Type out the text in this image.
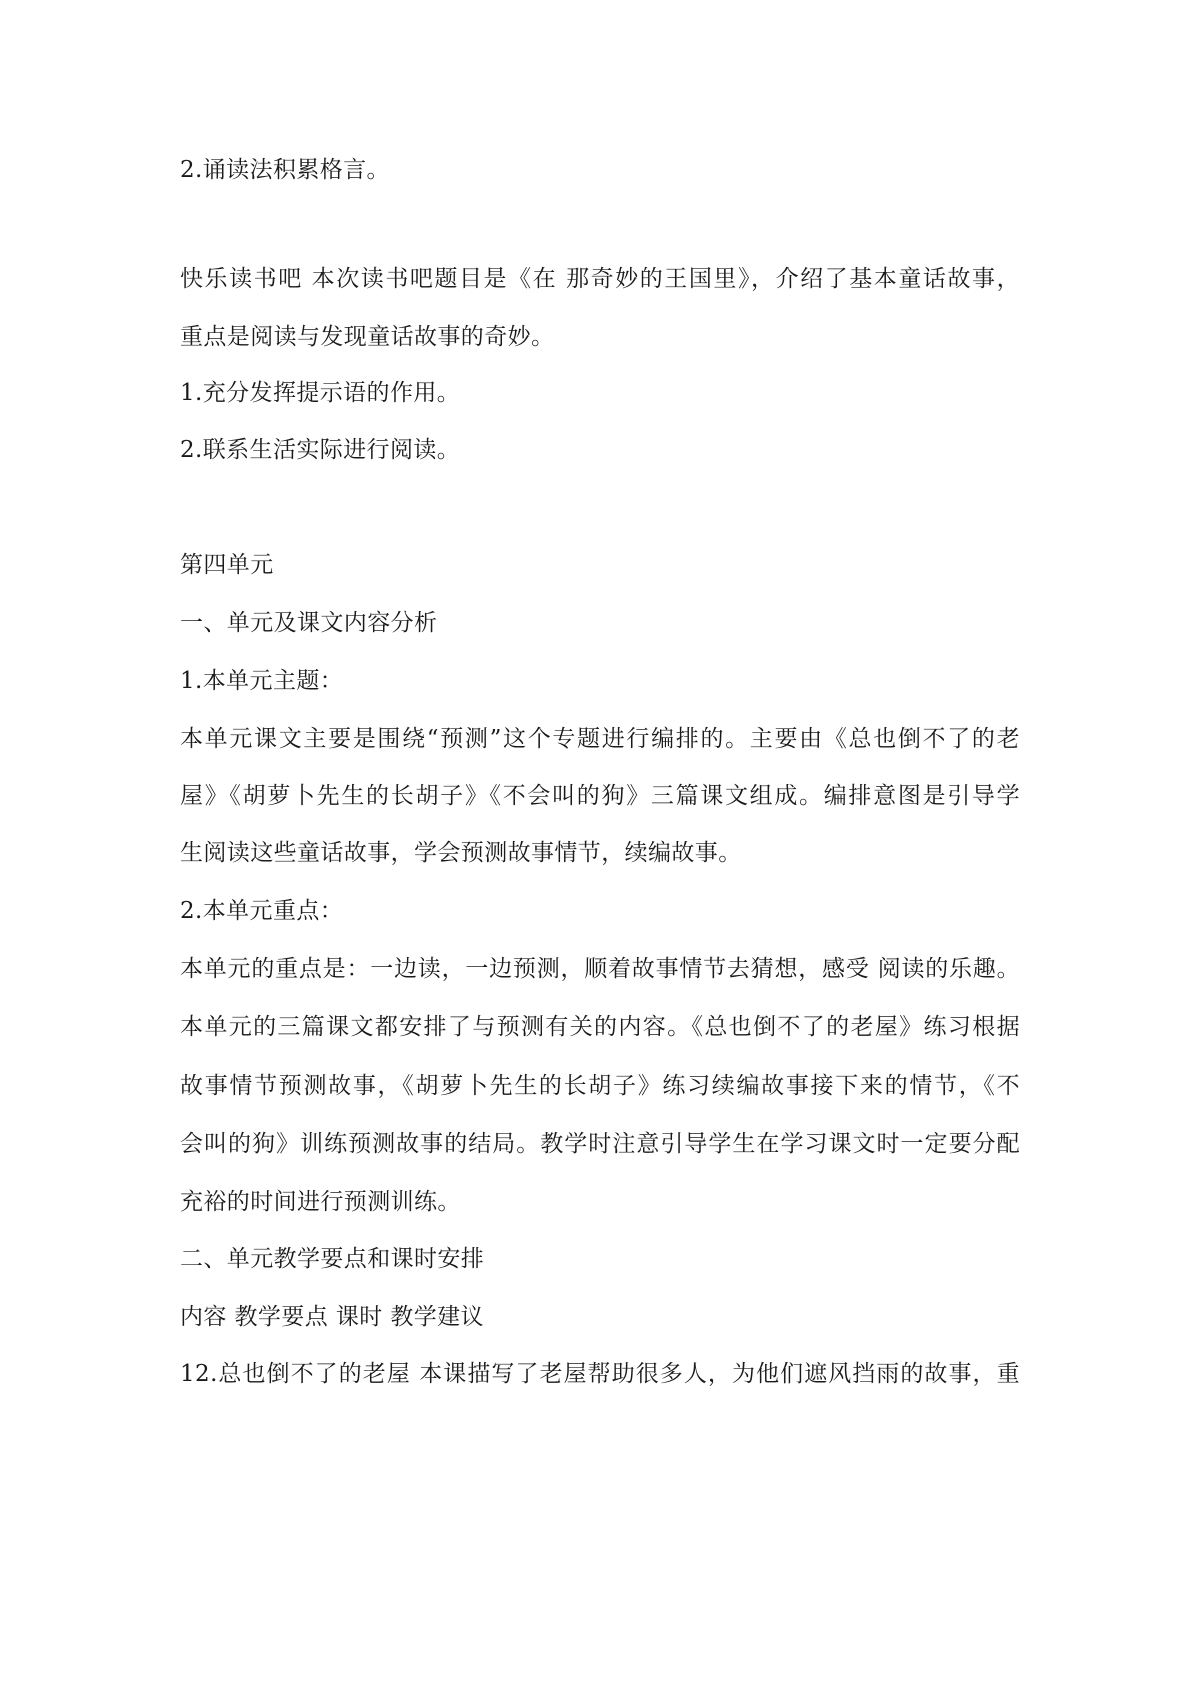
2.诵读法积累格言。
快乐读书吧 本次读书吧题目是《在 那奇妙的王国里》，介绍了基本童话故事，
重点是阅读与发现童话故事的奇妙。
1.充分发挥提示语的作用。
2.联系生活实际进行阅读。
第四单元
一、单元及课文内容分析
1.本单元主题：
本单元课文主要是围绕“预测”这个专题进行编排的。主要由《总也倒不了的老
屋》《胡萝卜先生的长胡子》《不会叫的狗》三篇课文组成。编排意图是引导学
生阅读这些童话故事，学会预测故事情节，续编故事。
2.本单元重点：
本单元的重点是：一边读，一边预测，顺着故事情节去猜想，感受 阅读的乐趣。
本单元的三篇课文都安排了与预测有关的内容。《总也倒不了的老屋》练习根据
故事情节预测故事，《胡萝卜先生的长胡子》练习续编故事接下来的情节，《不
会叫的狗》训练预测故事的结局。教学时注意引导学生在学习课文时一定要分配
充裕的时间进行预测训练。
二、单元教学要点和课时安排
内容 教学要点 课时 教学建议
12.总也倒不了的老屋 本课描写了老屋帮助很多人，为他们遮风挡雨的故事，重
